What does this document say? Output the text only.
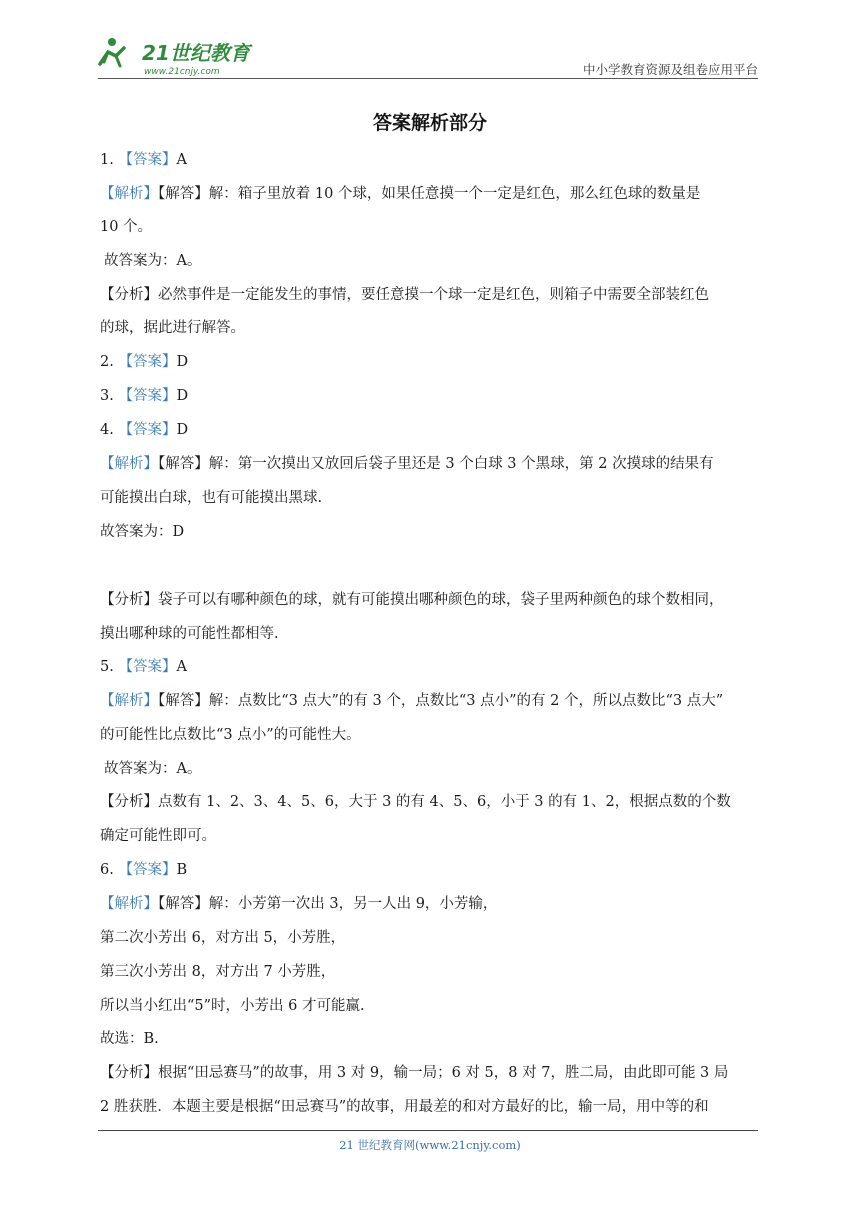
21世纪教育
www.21cnjy.com	中小学教育资源及组卷应用平台
答案解析部分
1. 【答案】A
【解析】【解答】解：箱子里放着 10 个球，如果任意摸一个一定是红色，那么红色球的数量是
10 个。
故答案为：A。
【分析】必然事件是一定能发生的事情，要任意摸一个球一定是红色，则箱子中需要全部装红色
的球，据此进行解答。
2. 【答案】D
3. 【答案】D
4. 【答案】D
【解析】【解答】解：第一次摸出又放回后袋子里还是 3 个白球 3 个黑球，第 2 次摸球的结果有
可能摸出白球，也有可能摸出黑球.
故答案为：D
【分析】袋子可以有哪种颜色的球，就有可能摸出哪种颜色的球，袋子里两种颜色的球个数相同，
摸出哪种球的可能性都相等.
5. 【答案】A
【解析】【解答】解：点数比“3 点大”的有 3 个，点数比“3 点小”的有 2 个，所以点数比“3 点大”
的可能性比点数比“3 点小”的可能性大。
故答案为：A。
【分析】点数有 1、2、3、4、5、6，大于 3 的有 4、5、6，小于 3 的有 1、2，根据点数的个数
确定可能性即可。
6. 【答案】B
【解析】【解答】解：小芳第一次出 3，另一人出 9，小芳输，
第二次小芳出 6，对方出 5，小芳胜，
第三次小芳出 8，对方出 7 小芳胜，
所以当小红出“5”时，小芳出 6 才可能赢.
故选：B.
【分析】根据“田忌赛马”的故事，用 3 对 9，输一局；6 对 5，8 对 7，胜二局，由此即可能 3 局
2 胜获胜．本题主要是根据“田忌赛马”的故事，用最差的和对方最好的比，输一局，用中等的和
21 世纪教育网(www.21cnjy.com)
